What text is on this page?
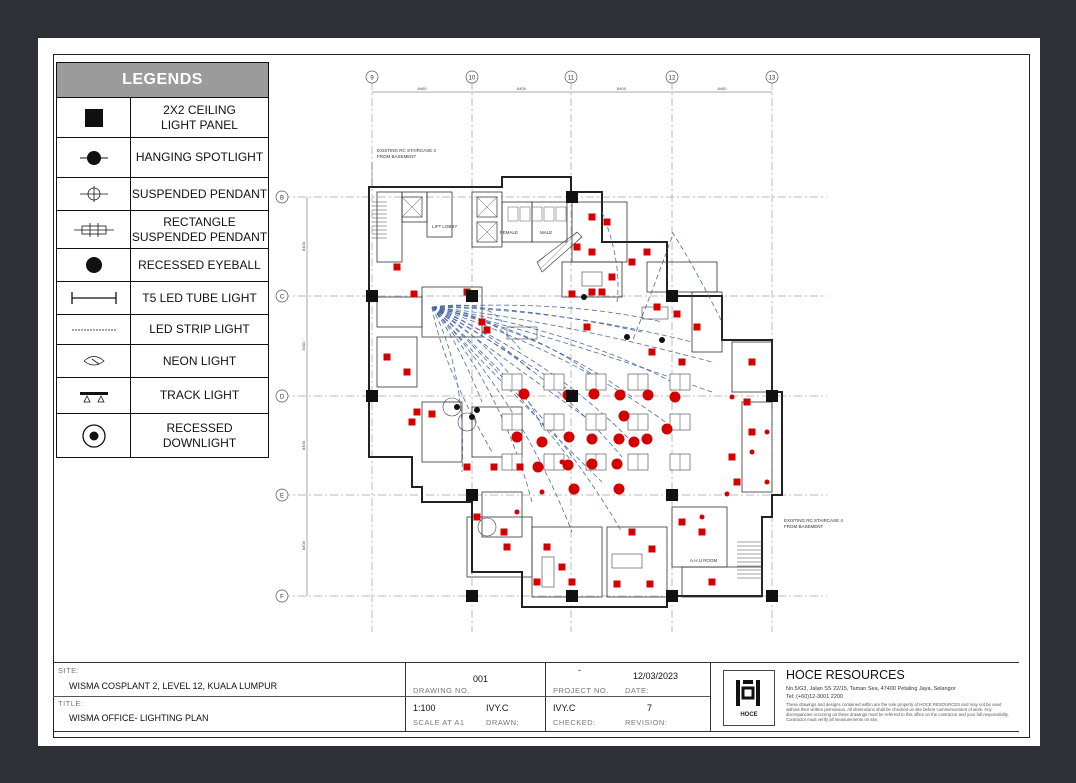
LEGENDS
2X2 CEILING
LIGHT PANEL
HANGING SPOTLIGHT
SUSPENDED PENDANT
RECTANGLE
SUSPENDED PENDANT
RECESSED EYEBALL
T5 LED TUBE LIGHT
LED STRIP LIGHT
NEON LIGHT
TRACK LIGHT
RECESSED
DOWNLIGHT
9	10	11	12	13
B
C
D
E
F
8400	8400	8400	8400
8400
8400
8400
8400
EXISTING RC STAIRCASE 3
FROM BASEMENT
EXISTING RC STAIRCASE 4
FROM BASEMENT
LIFT LOBBY
FEMALE	MALE
A.H.U ROOM
SITE:
WISMA COSPLANT 2, LEVEL 12, KUALA LUMPUR
TITLE:
WISMA OFFICE- LIGHTING PLAN
001
DRAWING NO.
1:100
SCALE AT A1
IVY.C
DRAWN:
-
PROJECT NO.
IVY.C
CHECKED:
12/03/2023
DATE:
7
REVISION:
HOCE
HOCE RESOURCES
No.5/G3, Jalan SS 22/15, Taman Sea, 47400 Petaling Jaya, Selangor
Tel: (+60)12-3001 2200
These drawings and designs contained within are the sole property of HOCE RESOURCES and may not be used without their written permission. All dimensions shall be checked on site before commencement of work. Any discrepancies occurring on these drawings must be referred to this office on the contractor and your full responsibility. Contractor must verify all measurements on site.
